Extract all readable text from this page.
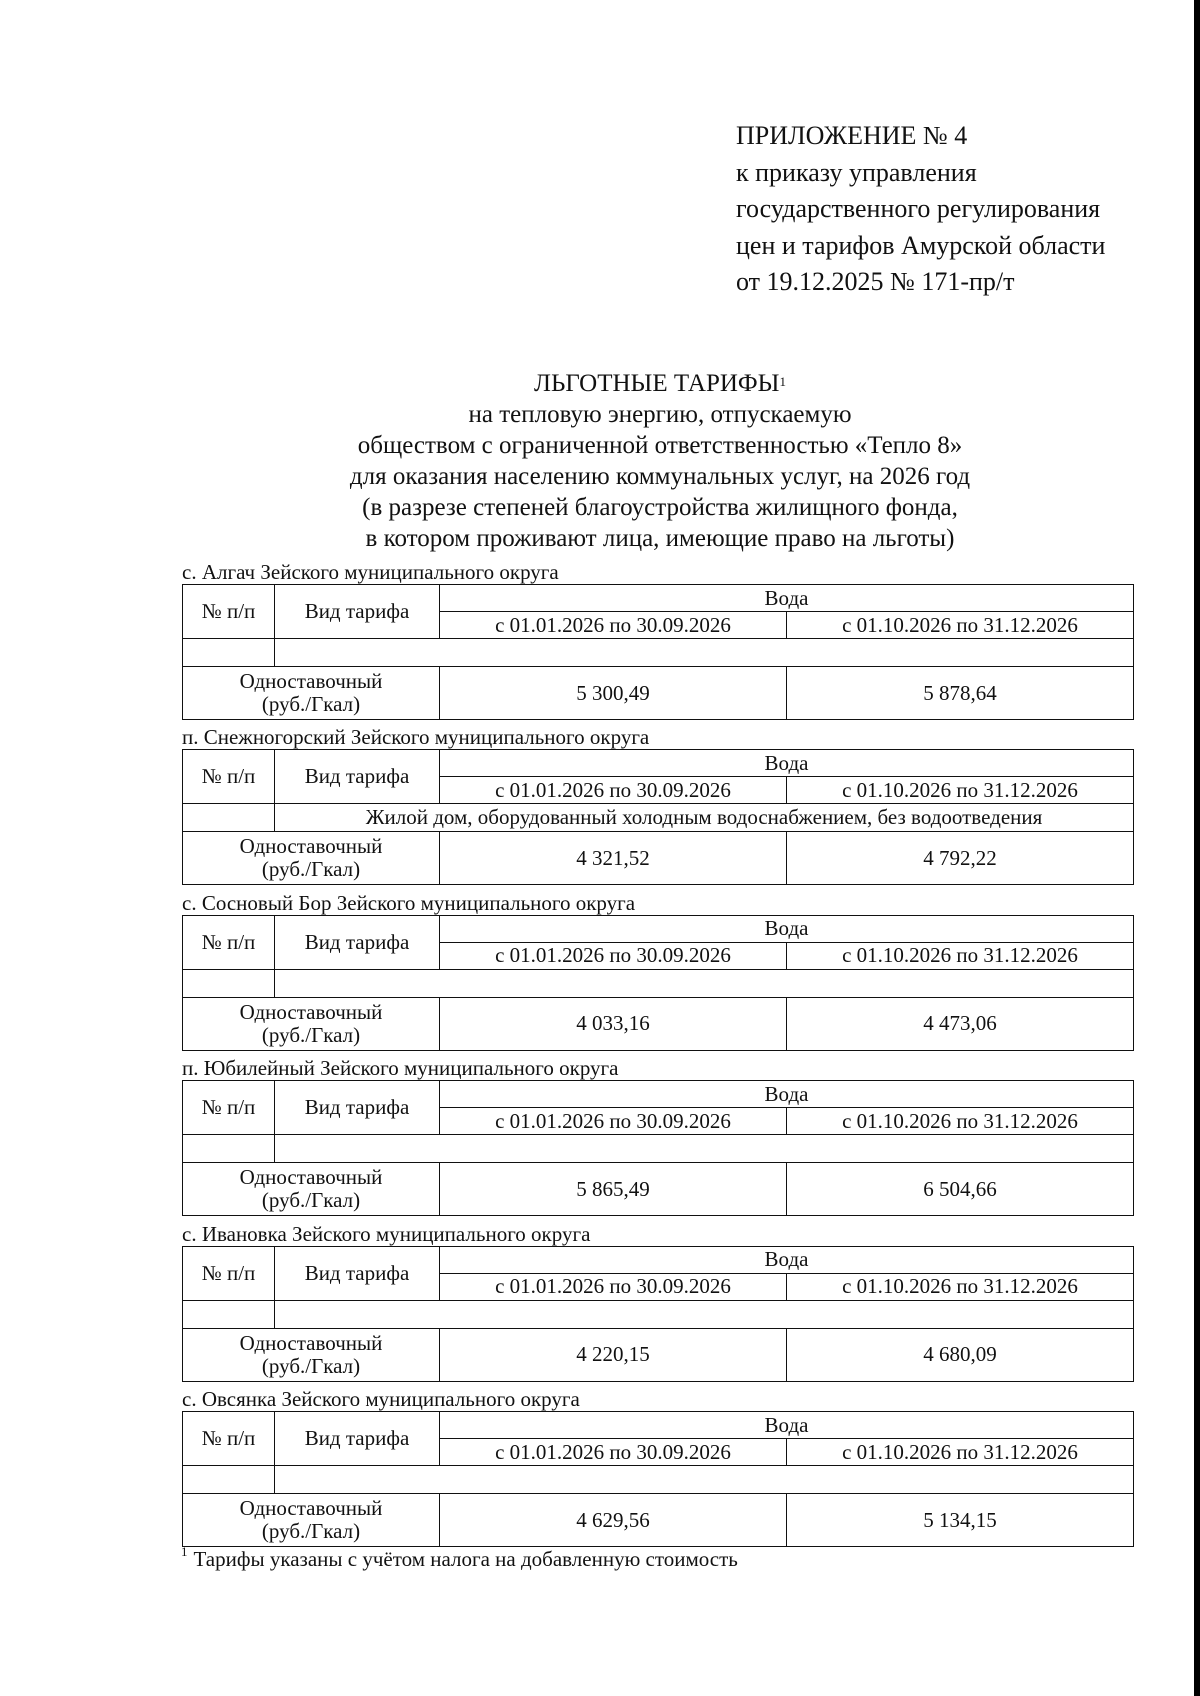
ПРИЛОЖЕНИЕ № 4
к приказу управления
государственного регулирования
цен и тарифов Амурской области
от 19.12.2025 № 171-пр/т
ЛЬГОТНЫЕ ТАРИФЫ$^1$
на тепловую энергию, отпускаемую
обществом с ограниченной ответственностью «Тепло 8»
для оказания населению коммунальных услуг, на 2026 год
(в разрезе степеней благоустройства жилищного фонда,
в котором проживают лица, имеющие право на льготы)
с. Алгач Зейского муниципального округа
№ п/п	Вид тарифа	Вода	
		с 01.01.2026 по 30.09.2026	с 01.10.2026 по 31.12.2026

Одноставочный (руб./Гкал)		5 300,49	5 878,64
п. Снежногорский Зейского муниципального округа
№ п/п	Вид тарифа	Вода	
		с 01.01.2026 по 30.09.2026	с 01.10.2026 по 31.12.2026
	Жилой дом, оборудованный холодным водоснабжением, без водоотведения		
Одноставочный (руб./Гкал)		4 321,52	4 792,22
с. Сосновый Бор Зейского муниципального округа
№ п/п	Вид тарифа	Вода	
		с 01.01.2026 по 30.09.2026	с 01.10.2026 по 31.12.2026

Одноставочный (руб./Гкал)		4 033,16	4 473,06
п. Юбилейный Зейского муниципального округа
№ п/п	Вид тарифа	Вода	
		с 01.01.2026 по 30.09.2026	с 01.10.2026 по 31.12.2026

Одноставочный (руб./Гкал)		5 865,49	6 504,66
с. Ивановка Зейского муниципального округа
№ п/п	Вид тарифа	Вода	
		с 01.01.2026 по 30.09.2026	с 01.10.2026 по 31.12.2026

Одноставочный (руб./Гкал)		4 220,15	4 680,09
с. Овсянка Зейского муниципального округа
№ п/п	Вид тарифа	Вода	
		с 01.01.2026 по 30.09.2026	с 01.10.2026 по 31.12.2026

Одноставочный (руб./Гкал)		4 629,56	5 134,15
$^1$ Тарифы указаны с учётом налога на добавленную стоимость
